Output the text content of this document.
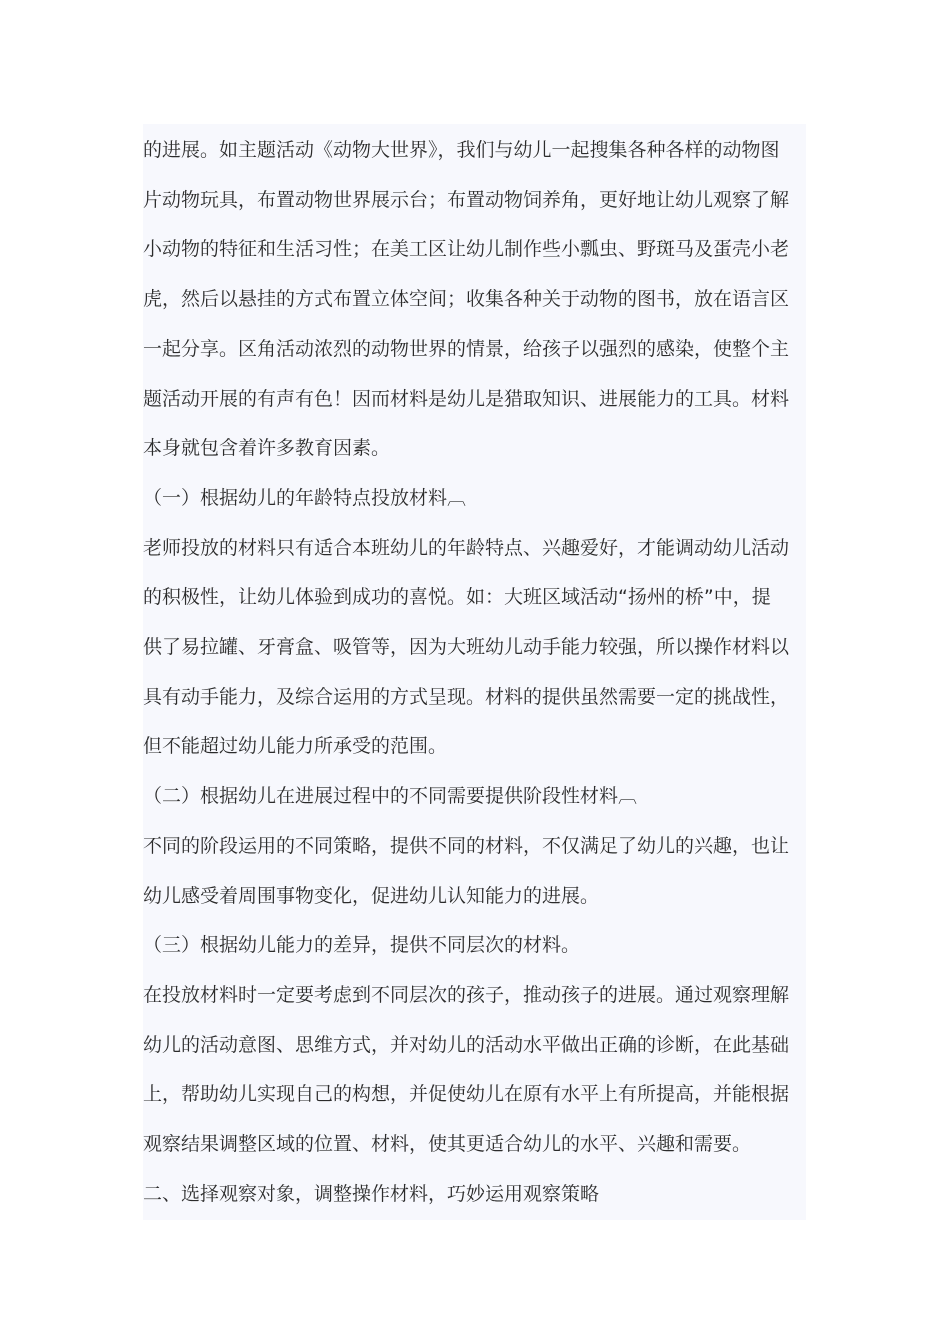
的进展。如主题活动《动物大世界》，我们与幼儿一起搜集各种各样的动物图
片动物玩具，布置动物世界展示台；布置动物饲养角，更好地让幼儿观察了解
小动物的特征和生活习性；在美工区让幼儿制作些小瓢虫、野斑马及蛋壳小老
虎，然后以悬挂的方式布置立体空间；收集各种关于动物的图书，放在语言区
一起分享。区角活动浓烈的动物世界的情景，给孩子以强烈的感染，使整个主
题活动开展的有声有色！因而材料是幼儿是猎取知识、进展能力的工具。材料
本身就包含着许多教育因素。
（一）根据幼儿的年龄特点投放材料︹
老师投放的材料只有适合本班幼儿的年龄特点、兴趣爱好，才能调动幼儿活动
的积极性，让幼儿体验到成功的喜悦。如：大班区域活动“扬州的桥”中，提
供了易拉罐、牙膏盒、吸管等，因为大班幼儿动手能力较强，所以操作材料以
具有动手能力，及综合运用的方式呈现。材料的提供虽然需要一定的挑战性，
但不能超过幼儿能力所承受的范围。
（二）根据幼儿在进展过程中的不同需要提供阶段性材料︹
不同的阶段运用的不同策略，提供不同的材料，不仅满足了幼儿的兴趣，也让
幼儿感受着周围事物变化，促进幼儿认知能力的进展。
（三）根据幼儿能力的差异，提供不同层次的材料。
在投放材料时一定要考虑到不同层次的孩子，推动孩子的进展。通过观察理解
幼儿的活动意图、思维方式，并对幼儿的活动水平做出正确的诊断，在此基础
上，帮助幼儿实现自己的构想，并促使幼儿在原有水平上有所提高，并能根据
观察结果调整区域的位置、材料，使其更适合幼儿的水平、兴趣和需要。
二、选择观察对象，调整操作材料，巧妙运用观察策略
